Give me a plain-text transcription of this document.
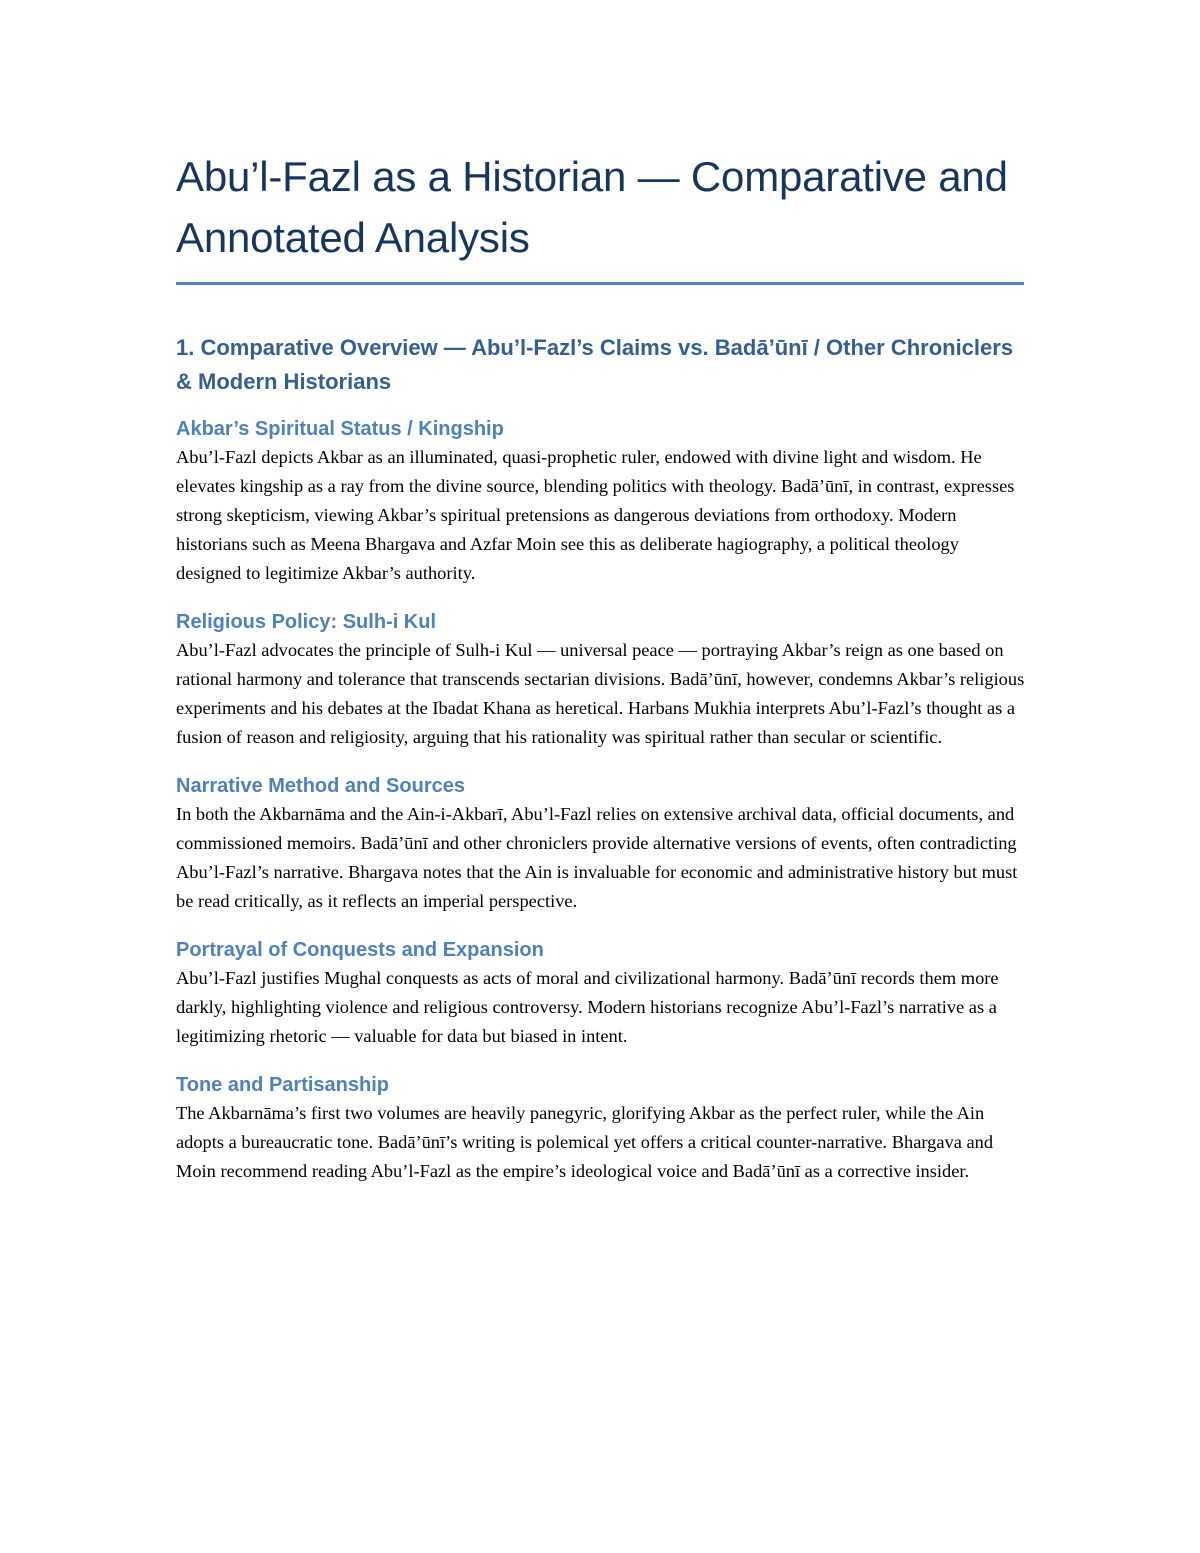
Abu’l-Fazl as a Historian — Comparative and Annotated Analysis
1. Comparative Overview — Abu’l-Fazl’s Claims vs. Badā’ūnī / Other Chroniclers & Modern Historians
Akbar’s Spiritual Status / Kingship

Abu’l-Fazl depicts Akbar as an illuminated, quasi-prophetic ruler, endowed with divine light and wisdom. He elevates kingship as a ray from the divine source, blending politics with theology. Badā’ūnī, in contrast, expresses strong skepticism, viewing Akbar’s spiritual pretensions as dangerous deviations from orthodoxy. Modern historians such as Meena Bhargava and Azfar Moin see this as deliberate hagiography, a political theology designed to legitimize Akbar’s authority.

Religious Policy: Sulh-i Kul

Abu’l-Fazl advocates the principle of Sulh-i Kul — universal peace — portraying Akbar’s reign as one based on rational harmony and tolerance that transcends sectarian divisions. Badā’ūnī, however, condemns Akbar’s religious experiments and his debates at the Ibadat Khana as heretical. Harbans Mukhia interprets Abu’l-Fazl’s thought as a fusion of reason and religiosity, arguing that his rationality was spiritual rather than secular or scientific.

Narrative Method and Sources

In both the Akbarnāma and the Ain-i-Akbarī, Abu’l-Fazl relies on extensive archival data, official documents, and commissioned memoirs. Badā’ūnī and other chroniclers provide alternative versions of events, often contradicting Abu’l-Fazl’s narrative. Bhargava notes that the Ain is invaluable for economic and administrative history but must be read critically, as it reflects an imperial perspective.

Portrayal of Conquests and Expansion

Abu’l-Fazl justifies Mughal conquests as acts of moral and civilizational harmony. Badā’ūnī records them more darkly, highlighting violence and religious controversy. Modern historians recognize Abu’l-Fazl’s narrative as a legitimizing rhetoric — valuable for data but biased in intent.

Tone and Partisanship

The Akbarnāma’s first two volumes are heavily panegyric, glorifying Akbar as the perfect ruler, while the Ain adopts a bureaucratic tone. Badā’ūnī’s writing is polemical yet offers a critical counter-narrative. Bhargava and Moin recommend reading Abu’l-Fazl as the empire’s ideological voice and Badā’ūnī as a corrective insider.
